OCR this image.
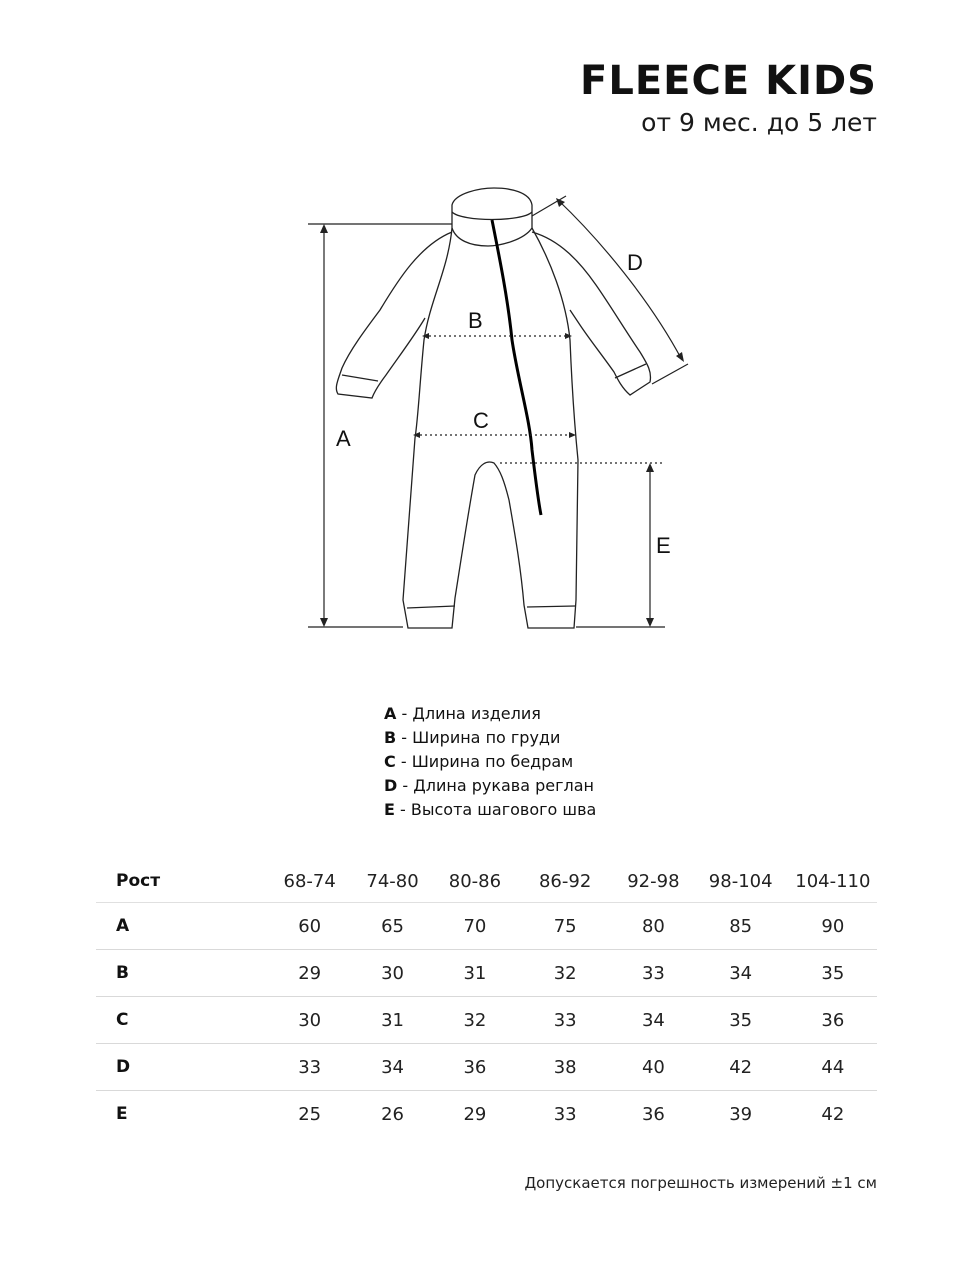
FLEECE KIDS
от 9 мес. до 5 лет
A
B
C
D
E
A - Длина изделия
B - Ширина по груди
C - Ширина по бедрам
D - Длина рукава реглан
E - Высота шагового шва
Рост	68-74	74-80	80-86	86-92	92-98	98-104	104-110
A	60	65	70	75	80	85	90
B	29	30	31	32	33	34	35
C	30	31	32	33	34	35	36
D	33	34	36	38	40	42	44
E	25	26	29	33	36	39	42
Допускается погрешность измерений ±1 см
